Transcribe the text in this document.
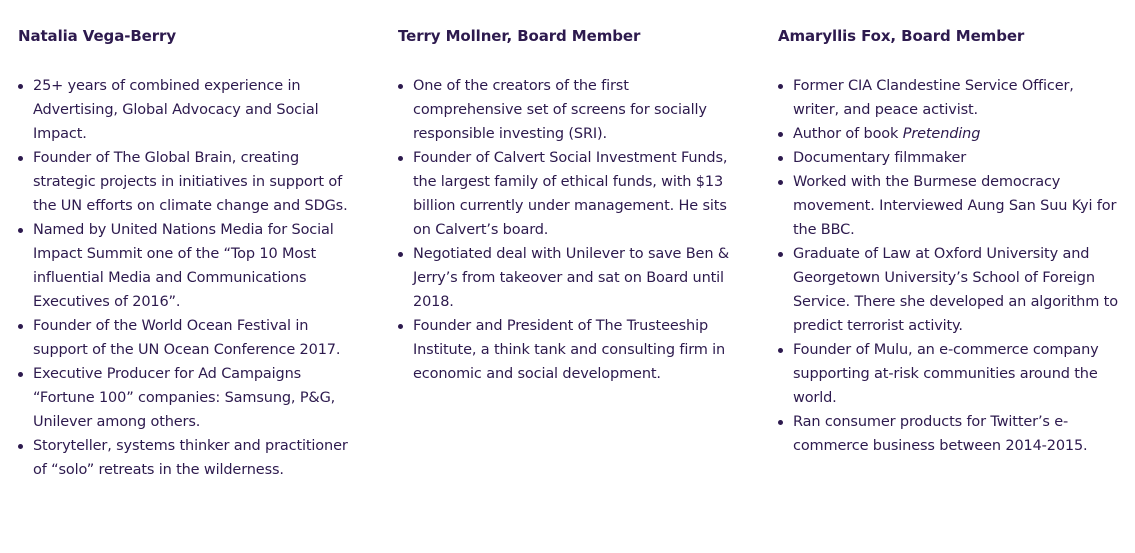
Natalia Vega-Berry
25+ years of combined experience in Advertising, Global Advocacy and Social Impact.
Founder of The Global Brain, creating strategic projects in initiatives in support of the UN efforts on climate change and SDGs.
Named by United Nations Media for Social Impact Summit one of the “Top 10 Most influential Media and Communications Executives of 2016”.
Founder of the World Ocean Festival in support of the UN Ocean Conference 2017.
Executive Producer for Ad Campaigns “Fortune 100” companies: Samsung, P&G, Unilever among others.
Storyteller, systems thinker and practitioner of “solo” retreats in the wilderness.
Terry Mollner, Board Member
One of the creators of the first comprehensive set of screens for socially responsible investing (SRI).
Founder of Calvert Social Investment Funds, the largest family of ethical funds, with $13 billion currently under management. He sits on Calvert’s board.
Negotiated deal with Unilever to save Ben & Jerry’s from takeover and sat on Board until 2018.
Founder and President of The Trusteeship Institute, a think tank and consulting firm in economic and social development.
Amaryllis Fox, Board Member
Former CIA Clandestine Service Officer, writer, and peace activist.
Author of book Pretending
Documentary filmmaker
Worked with the Burmese democracy movement. Interviewed Aung San Suu Kyi for the BBC.
Graduate of Law at Oxford University and Georgetown University’s School of Foreign Service. There she developed an algorithm to predict terrorist activity.
Founder of Mulu, an e-commerce company supporting at-risk communities around the world.
Ran consumer products for Twitter’s e-commerce business between 2014-2015.
